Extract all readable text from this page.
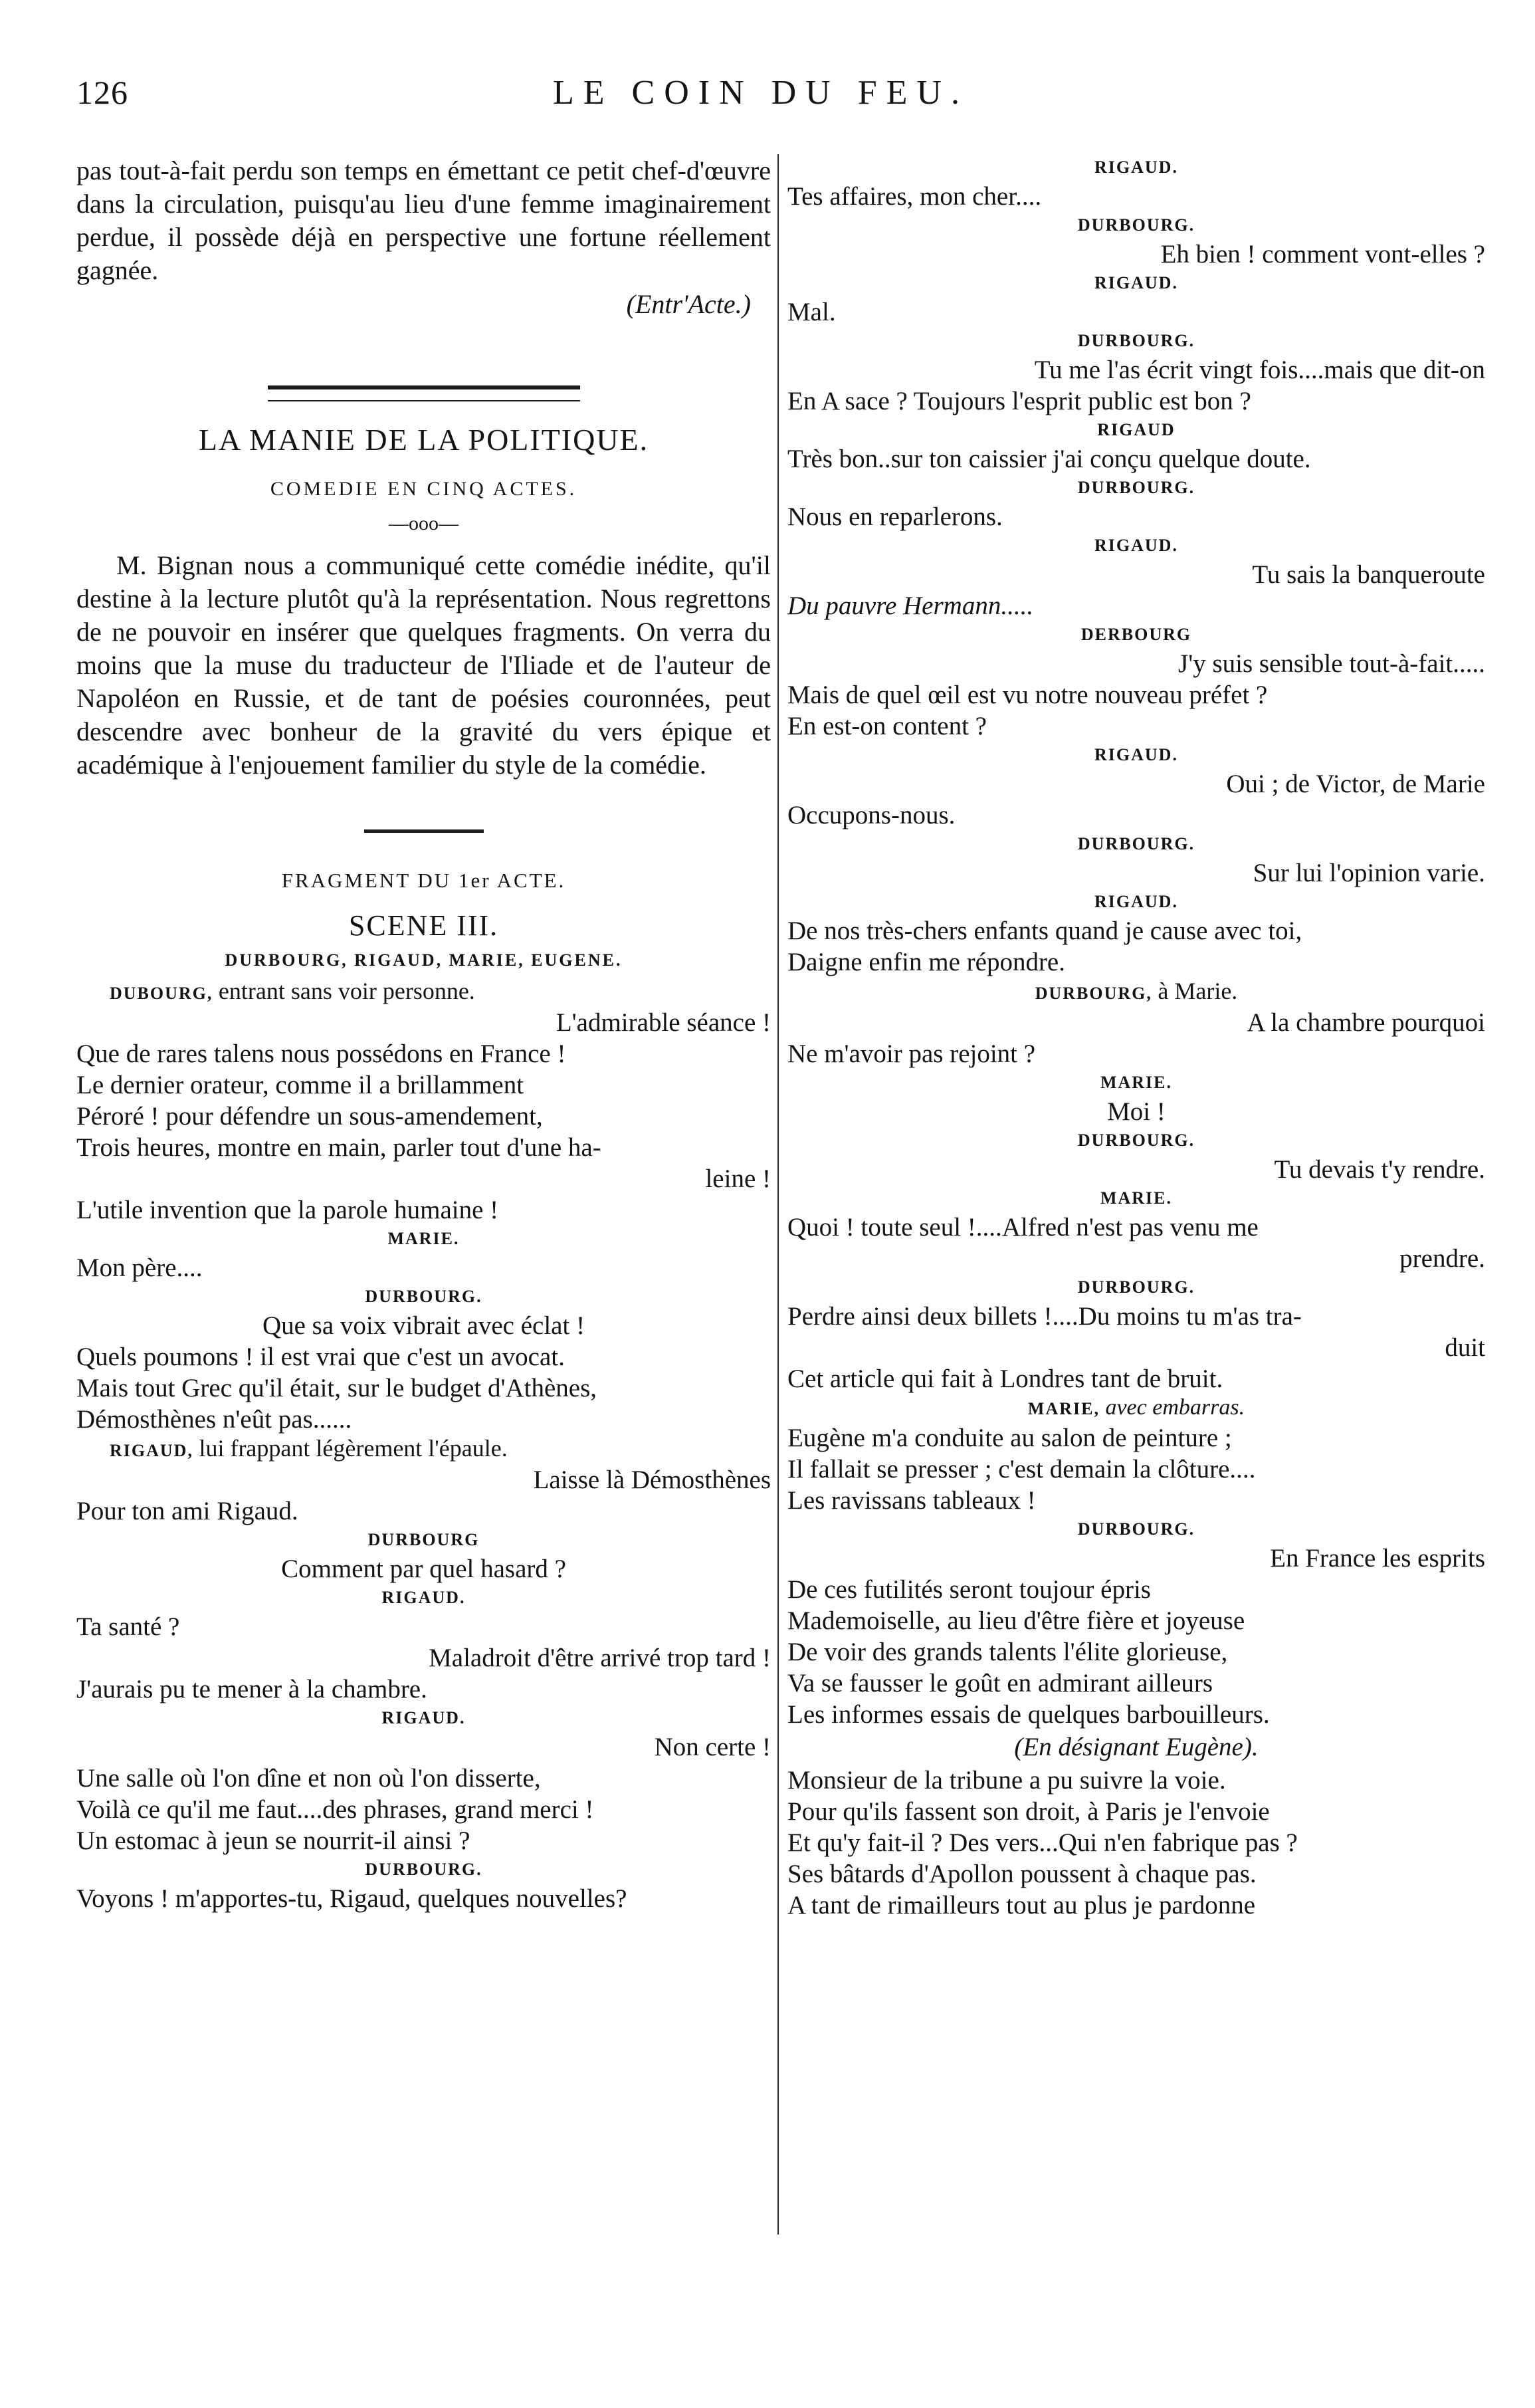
126	LE COIN DU FEU.

pas tout-à-fait perdu son temps en émettant ce petit chef-d'œuvre dans la circulation, puisqu'au lieu d'une femme imaginairement perdue, il possède déjà en perspective une fortune réellement gagnée.

(Entr'Acte.)

LA MANIE DE LA POLITIQUE.
COMEDIE EN CINQ ACTES.
—ooo—

M. Bignan nous a communiqué cette comédie inédite, qu'il destine à la lecture plutôt qu'à la représentation. Nous regrettons de ne pouvoir en insérer que quelques fragments. On verra du moins que la muse du traducteur de l'Iliade et de l'auteur de Napoléon en Russie, et de tant de poésies couronnées, peut descendre avec bonheur de la gravité du vers épique et académique à l'enjouement familier du style de la comédie.

FRAGMENT DU 1er ACTE.
SCENE III.
DURBOURG, RIGAUD, MARIE, EUGENE.
DUBOURG, entrant sans voir personne.
L'admirable séance !
Que de rares talens nous possédons en France !
Le dernier orateur, comme il a brillamment
Péroré ! pour défendre un sous-amendement,
Trois heures, montre en main, parler tout d'une ha-
leine !
L'utile invention que la parole humaine !
MARIE.
Mon père....
DURBOURG.
Que sa voix vibrait avec éclat !
Quels poumons ! il est vrai que c'est un avocat.
Mais tout Grec qu'il était, sur le budget d'Athènes,
Démosthènes n'eût pas......
RIGAUD, lui frappant légèrement l'épaule.
Laisse là Démosthènes
Pour ton ami Rigaud.
DURBOURG
Comment par quel hasard ?
RIGAUD.
Ta santé ?
Maladroit d'être arrivé trop tard !
J'aurais pu te mener à la chambre.
RIGAUD.
Non certe !
Une salle où l'on dîne et non où l'on disserte,
Voilà ce qu'il me faut....des phrases, grand merci !
Un estomac à jeun se nourrit-il ainsi ?
DURBOURG.
Voyons ! m'apportes-tu, Rigaud, quelques nouvelles?
RIGAUD.
Tes affaires, mon cher....
DURBOURG.
Eh bien ! comment vont-elles ?
RIGAUD.
Mal.
DURBOURG.
Tu me l'as écrit vingt fois....mais que dit-on
En A sace ? Toujours l'esprit public est bon ?
RIGAUD
Très bon..sur ton caissier j'ai conçu quelque doute.
DURBOURG.
Nous en reparlerons.
RIGAUD.
Tu sais la banqueroute
Du pauvre Hermann.....
DERBOURG
J'y suis sensible tout-à-fait.....
Mais de quel œil est vu notre nouveau préfet ?
En est-on content ?
RIGAUD.
Oui ; de Victor, de Marie
Occupons-nous.
DURBOURG.
Sur lui l'opinion varie.
RIGAUD.
De nos très-chers enfants quand je cause avec toi,
Daigne enfin me répondre.
DURBOURG, à Marie.
A la chambre pourquoi
Ne m'avoir pas rejoint ?
MARIE.
Moi !
DURBOURG.
Tu devais t'y rendre.
MARIE.
Quoi ! toute seul !....Alfred n'est pas venu me
prendre.
DURBOURG.
Perdre ainsi deux billets !....Du moins tu m'as tra-
duit
Cet article qui fait à Londres tant de bruit.
MARIE, avec embarras.
Eugène m'a conduite au salon de peinture ;
Il fallait se presser ; c'est demain la clôture....
Les ravissans tableaux !
DURBOURG.
En France les esprits
De ces futilités seront toujour épris
Mademoiselle, au lieu d'être fière et joyeuse
De voir des grands talents l'élite glorieuse,
Va se fausser le goût en admirant ailleurs
Les informes essais de quelques barbouilleurs.
(En désignant Eugène).
Monsieur de la tribune a pu suivre la voie.
Pour qu'ils fassent son droit, à Paris je l'envoie
Et qu'y fait-il ? Des vers...Qui n'en fabrique pas ?
Ses bâtards d'Apollon poussent à chaque pas.
A tant de rimailleurs tout au plus je pardonne
